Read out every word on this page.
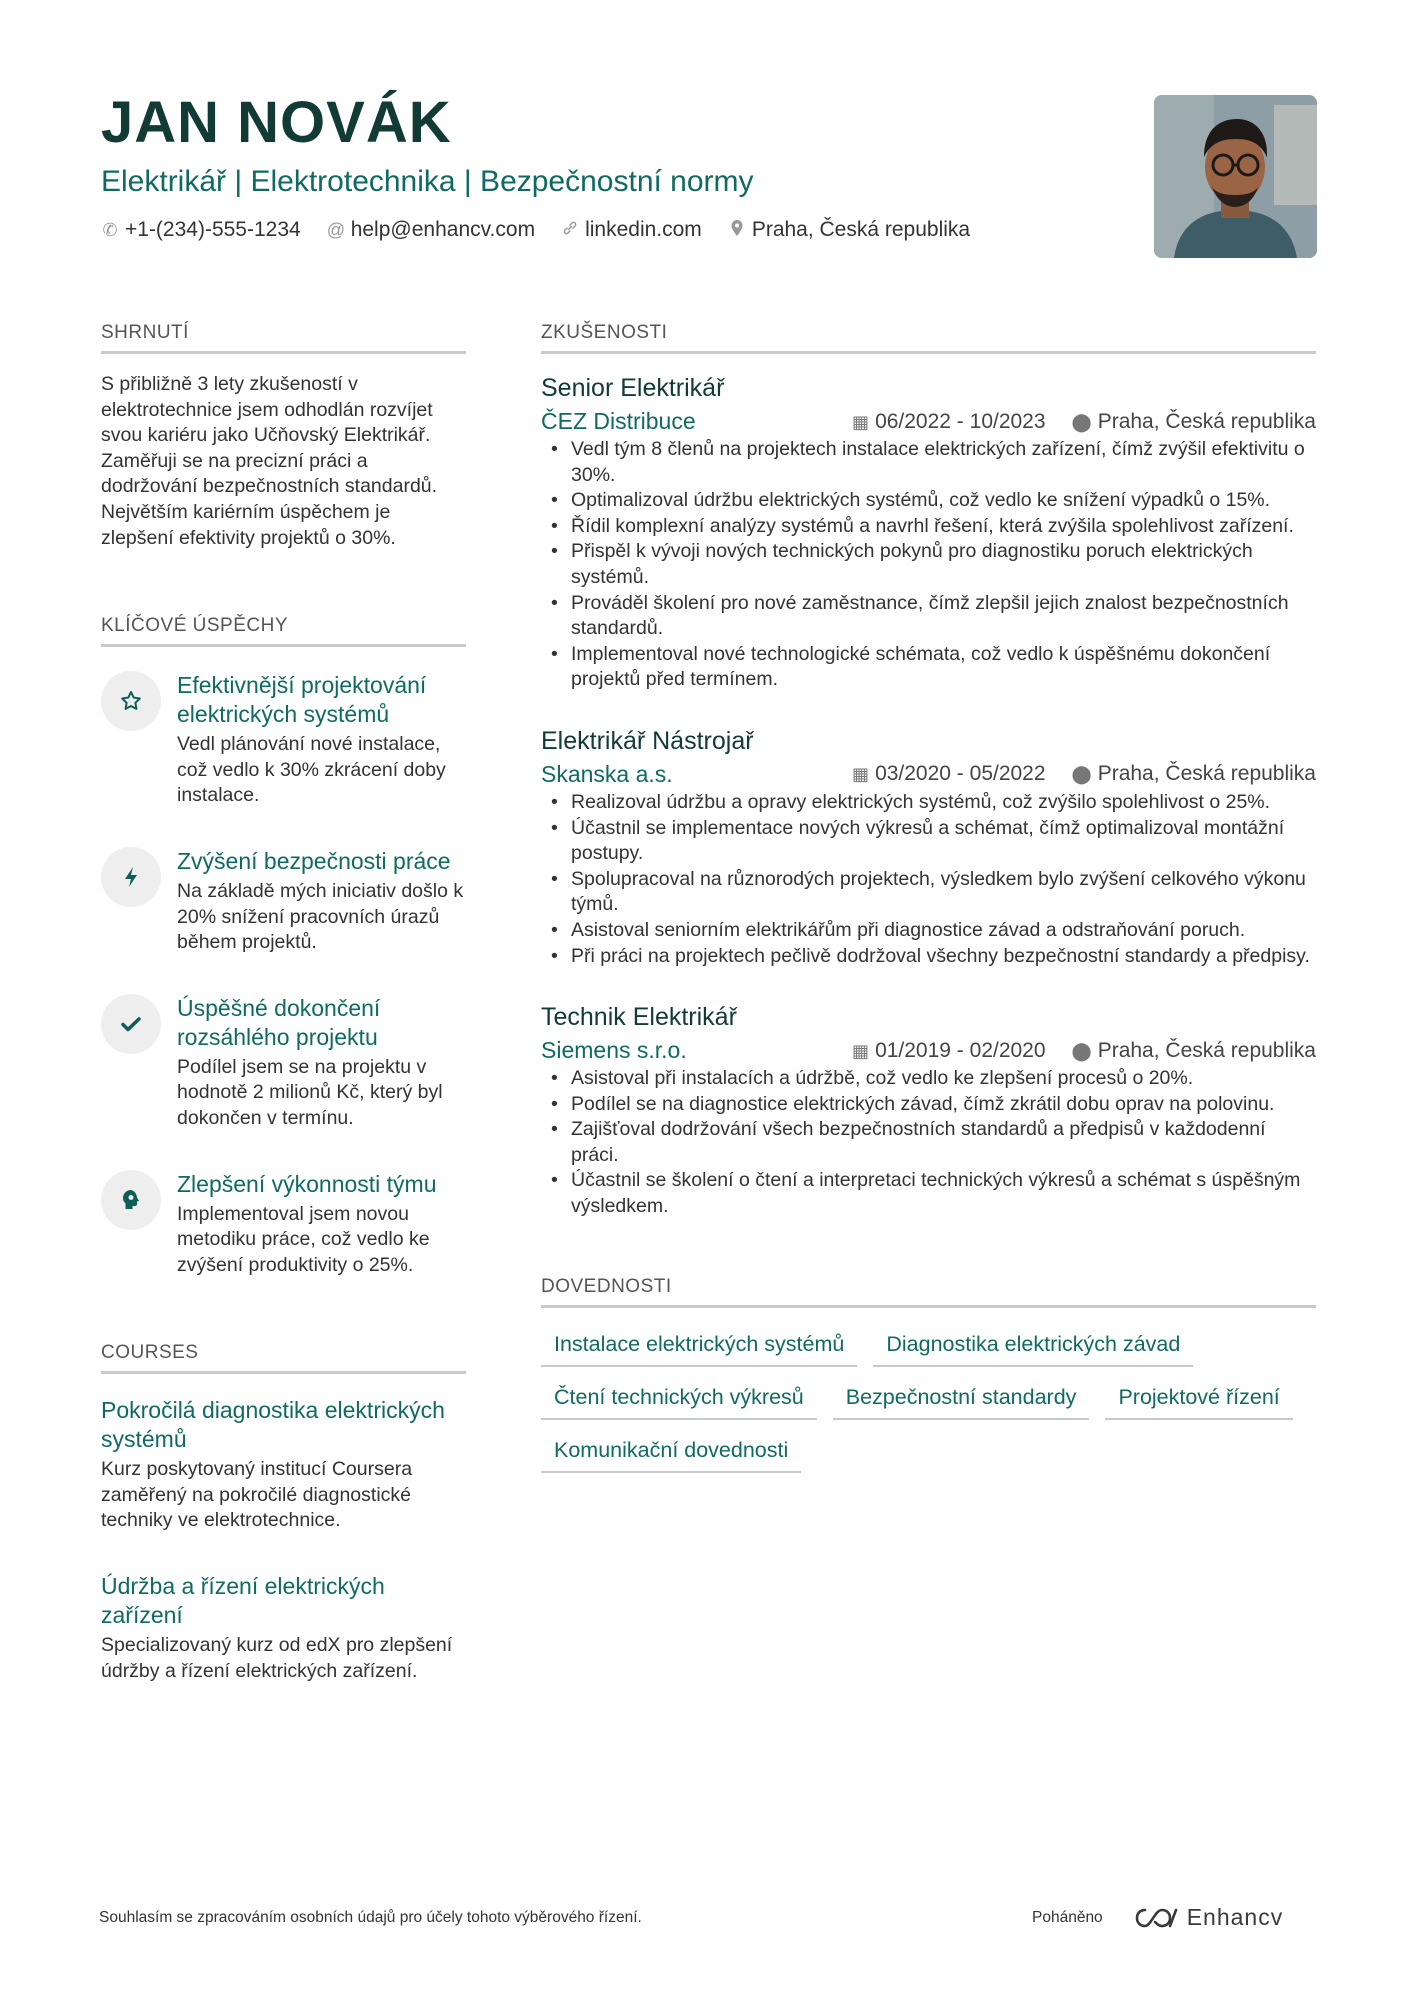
JAN NOVÁK
Elektrikář | Elektrotechnika | Bezpečnostní normy
✆ +1-(234)-555-1234 @ help@enhancv.com linkedin.com Praha, Česká republika
SHRNUTÍ
S přibližně 3 lety zkušeností v elektrotechnice jsem odhodlán rozvíjet svou kariéru jako Učňovský Elektrikář. Zaměřuji se na precizní práci a dodržování bezpečnostních standardů. Největším kariérním úspěchem je zlepšení efektivity projektů o 30%.
KLÍČOVÉ ÚSPĚCHY
Efektivnější projektování elektrických systémů
Vedl plánování nové instalace, což vedlo k 30% zkrácení doby instalace.
Zvýšení bezpečnosti práce
Na základě mých iniciativ došlo k 20% snížení pracovních úrazů během projektů.
Úspěšné dokončení rozsáhlého projektu
Podílel jsem se na projektu v hodnotě 2 milionů Kč, který byl dokončen v termínu.
Zlepšení výkonnosti týmu
Implementoval jsem novou metodiku práce, což vedlo ke zvýšení produktivity o 25%.
COURSES
Pokročilá diagnostika elektrických systémů
Kurz poskytovaný institucí Coursera zaměřený na pokročilé diagnostické techniky ve elektrotechnice.
Údržba a řízení elektrických zařízení
Specializovaný kurz od edX pro zlepšení údržby a řízení elektrických zařízení.
ZKUŠENOSTI
Senior Elektrikář
ČEZ Distribuce	▦ 06/2022 - 10/2023 ⬤ Praha, Česká republika
• Vedl tým 8 členů na projektech instalace elektrických zařízení, čímž zvýšil efektivitu o 30%.
• Optimalizoval údržbu elektrických systémů, což vedlo ke snížení výpadků o 15%.
• Řídil komplexní analýzy systémů a navrhl řešení, která zvýšila spolehlivost zařízení.
• Přispěl k vývoji nových technických pokynů pro diagnostiku poruch elektrických systémů.
• Prováděl školení pro nové zaměstnance, čímž zlepšil jejich znalost bezpečnostních standardů.
• Implementoval nové technologické schémata, což vedlo k úspěšnému dokončení projektů před termínem.
Elektrikář Nástrojař
Skanska a.s.	▦ 03/2020 - 05/2022 ⬤ Praha, Česká republika
• Realizoval údržbu a opravy elektrických systémů, což zvýšilo spolehlivost o 25%.
• Účastnil se implementace nových výkresů a schémat, čímž optimalizoval montážní postupy.
• Spolupracoval na různorodých projektech, výsledkem bylo zvýšení celkového výkonu týmů.
• Asistoval seniorním elektrikářům při diagnostice závad a odstraňování poruch.
• Při práci na projektech pečlivě dodržoval všechny bezpečnostní standardy a předpisy.
Technik Elektrikář
Siemens s.r.o.	▦ 01/2019 - 02/2020 ⬤ Praha, Česká republika
• Asistoval při instalacích a údržbě, což vedlo ke zlepšení procesů o 20%.
• Podílel se na diagnostice elektrických závad, čímž zkrátil dobu oprav na polovinu.
• Zajišťoval dodržování všech bezpečnostních standardů a předpisů v každodenní práci.
• Účastnil se školení o čtení a interpretaci technických výkresů a schémat s úspěšným výsledkem.
DOVEDNOSTI
Instalace elektrických systémů	Diagnostika elektrických závad
Čtení technických výkresů	Bezpečnostní standardy	Projektové řízení
Komunikační dovednosti
Souhlasím se zpracováním osobních údajů pro účely tohoto výběrového řízení.	Poháněno	Enhancv
